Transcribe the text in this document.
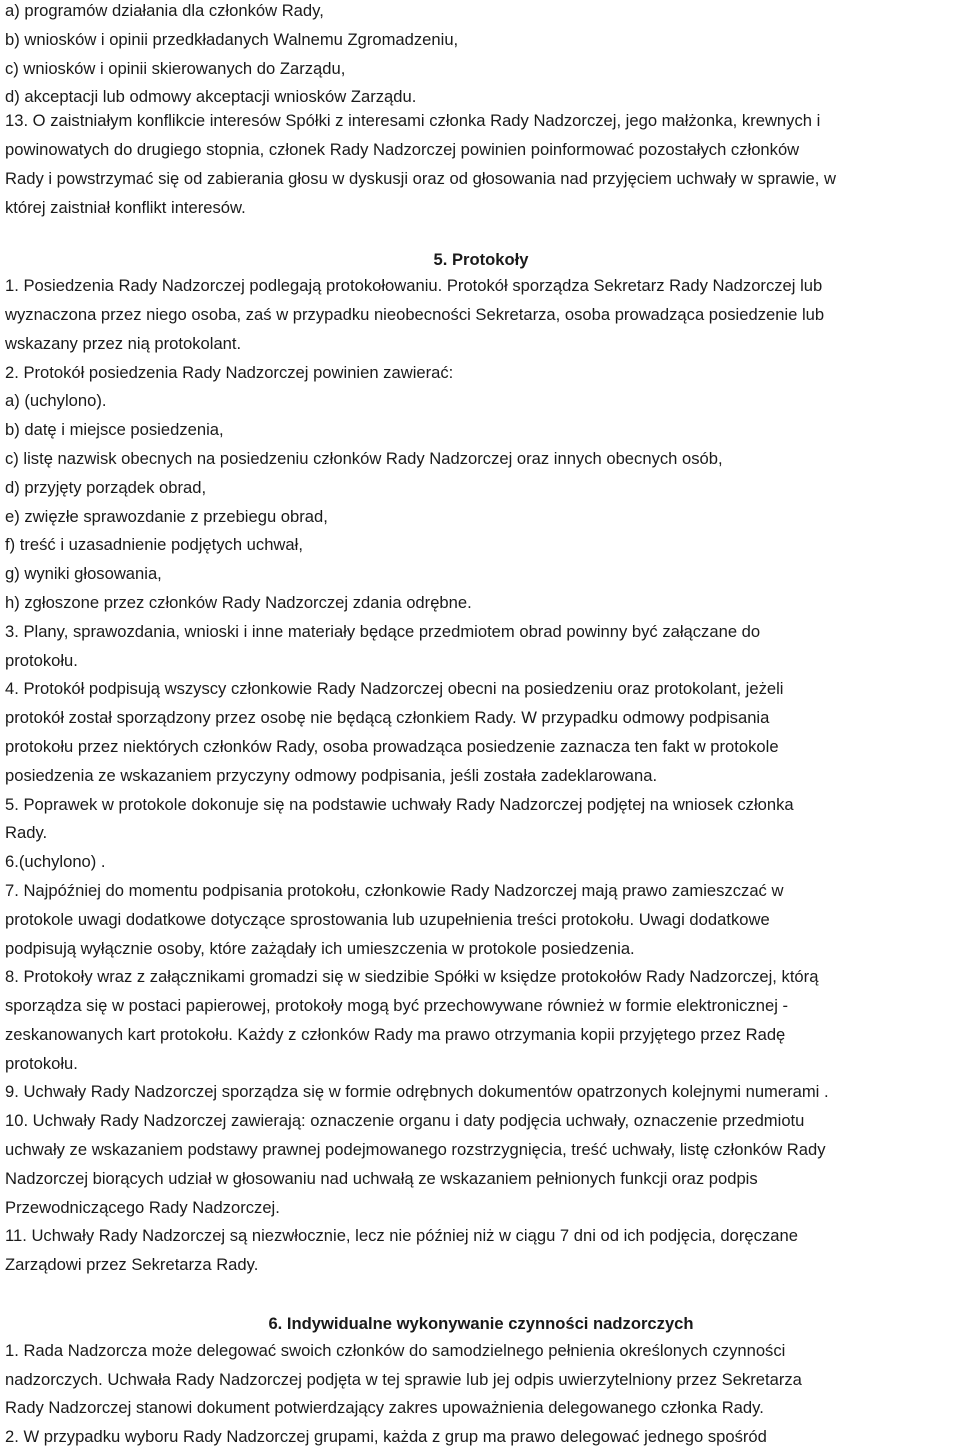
a) programów działania dla członków Rady,
b) wniosków i opinii przedkładanych Walnemu Zgromadzeniu,
c) wniosków i opinii skierowanych do Zarządu,
d) akceptacji lub odmowy akceptacji wniosków Zarządu.
13. O zaistniałym konflikcie interesów Spółki z interesami członka Rady Nadzorczej, jego małżonka, krewnych i
powinowatych do drugiego stopnia, członek Rady Nadzorczej powinien poinformować pozostałych członków
Rady i powstrzymać się od zabierania głosu w dyskusji oraz od głosowania nad przyjęciem uchwały w sprawie, w
której zaistniał konflikt interesów.
5. Protokoły
1. Posiedzenia Rady Nadzorczej podlegają protokołowaniu. Protokół sporządza Sekretarz Rady Nadzorczej lub
wyznaczona przez niego osoba, zaś w przypadku nieobecności Sekretarza, osoba prowadząca posiedzenie lub
wskazany przez nią protokolant.
2. Protokół posiedzenia Rady Nadzorczej powinien zawierać:
a) (uchylono).
b) datę i miejsce posiedzenia,
c) listę nazwisk obecnych na posiedzeniu członków Rady Nadzorczej oraz innych obecnych osób,
d) przyjęty porządek obrad,
e) zwięzłe sprawozdanie z przebiegu obrad,
f) treść i uzasadnienie podjętych uchwał,
g) wyniki głosowania,
h) zgłoszone przez członków Rady Nadzorczej zdania odrębne.
3. Plany, sprawozdania, wnioski i inne materiały będące przedmiotem obrad powinny być załączane do
protokołu.
4. Protokół podpisują wszyscy członkowie Rady Nadzorczej obecni na posiedzeniu oraz protokolant, jeżeli
protokół został sporządzony przez osobę nie będącą członkiem Rady. W przypadku odmowy podpisania
protokołu przez niektórych członków Rady, osoba prowadząca posiedzenie zaznacza ten fakt w protokole
posiedzenia ze wskazaniem przyczyny odmowy podpisania, jeśli została zadeklarowana.
5. Poprawek w protokole dokonuje się na podstawie uchwały Rady Nadzorczej podjętej na wniosek członka
Rady.
6.(uchylono) .
7. Najpóźniej do momentu podpisania protokołu, członkowie Rady Nadzorczej mają prawo zamieszczać w
protokole uwagi dodatkowe dotyczące sprostowania lub uzupełnienia treści protokołu. Uwagi dodatkowe
podpisują wyłącznie osoby, które zażądały ich umieszczenia w protokole posiedzenia.
8. Protokoły wraz z załącznikami gromadzi się w siedzibie Spółki w księdze protokołów Rady Nadzorczej, którą
sporządza się w postaci papierowej, protokoły mogą być przechowywane również w formie elektronicznej -
zeskanowanych kart protokołu. Każdy z członków Rady ma prawo otrzymania kopii przyjętego przez Radę
protokołu.
9. Uchwały Rady Nadzorczej sporządza się w formie odrębnych dokumentów opatrzonych kolejnymi numerami .
10. Uchwały Rady Nadzorczej zawierają: oznaczenie organu i daty podjęcia uchwały, oznaczenie przedmiotu
uchwały ze wskazaniem podstawy prawnej podejmowanego rozstrzygnięcia, treść uchwały, listę członków Rady
Nadzorczej biorących udział w głosowaniu nad uchwałą ze wskazaniem pełnionych funkcji oraz podpis
Przewodniczącego Rady Nadzorczej.
11. Uchwały Rady Nadzorczej są niezwłocznie, lecz nie później niż w ciągu 7 dni od ich podjęcia, doręczane
Zarządowi przez Sekretarza Rady.
6. Indywidualne wykonywanie czynności nadzorczych
1. Rada Nadzorcza może delegować swoich członków do samodzielnego pełnienia określonych czynności
nadzorczych. Uchwała Rady Nadzorczej podjęta w tej sprawie lub jej odpis uwierzytelniony przez Sekretarza
Rady Nadzorczej stanowi dokument potwierdzający zakres upoważnienia delegowanego członka Rady.
2. W przypadku wyboru Rady Nadzorczej grupami, każda z grup ma prawo delegować jednego spośród
